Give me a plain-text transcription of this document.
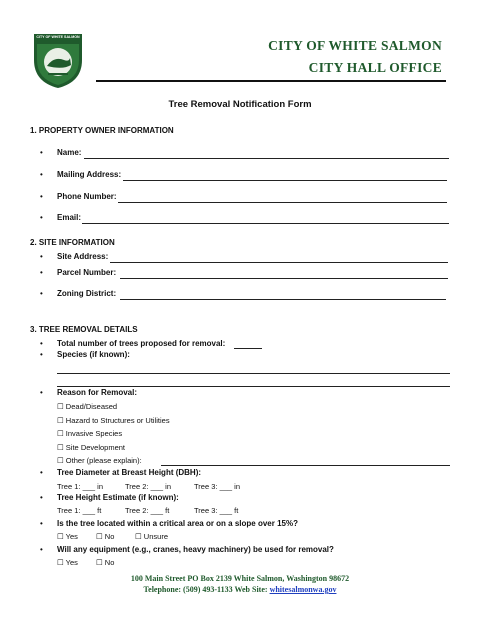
CITY OF WHITE SALMON
CITY OF WHITE SALMON
CITY HALL OFFICE
Tree Removal Notification Form
1. PROPERTY OWNER INFORMATION
• Name:
• Mailing Address:
• Phone Number:
• Email:
2. SITE INFORMATION
• Site Address:
• Parcel Number:
• Zoning District:
3. TREE REMOVAL DETAILS
• Total number of trees proposed for removal:
• Species (if known):
• Reason for Removal:
☐ Dead/Diseased
☐ Hazard to Structures or Utilities
☐ Invasive Species
☐ Site Development
☐ Other (please explain):
• Tree Diameter at Breast Height (DBH):
Tree 1: ___ in	Tree 2: ___ in	Tree 3: ___ in
• Tree Height Estimate (if known):
Tree 1: ___ ft	Tree 2: ___ ft	Tree 3: ___ ft
• Is the tree located within a critical area or on a slope over 15%?
☐ Yes ☐ No	☐ Unsure
• Will any equipment (e.g., cranes, heavy machinery) be used for removal?
☐ Yes ☐ No
100 Main Street PO Box 2139 White Salmon, Washington 98672
Telephone: (509) 493-1133 Web Site: whitesalmonwa.gov
